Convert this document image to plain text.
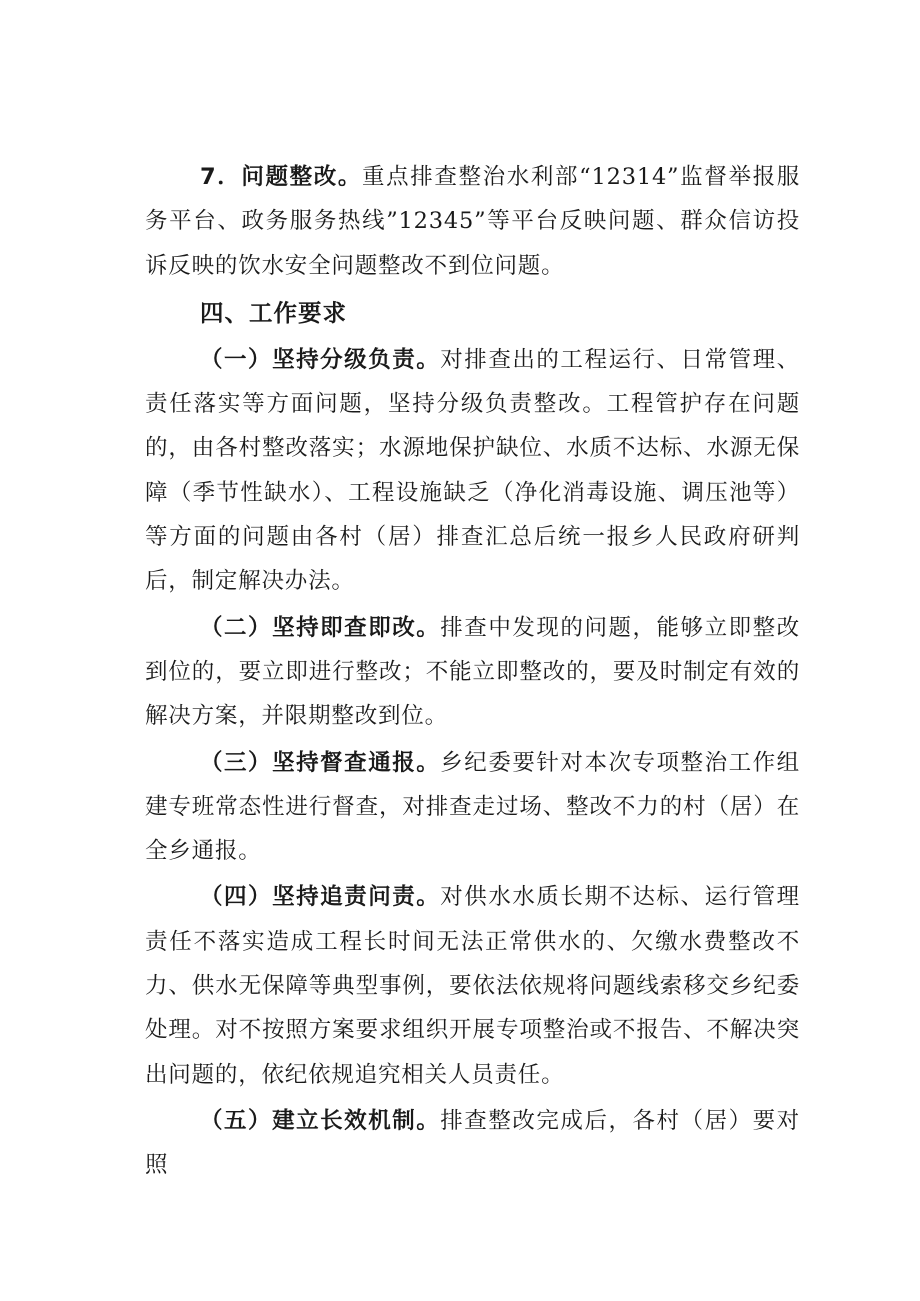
7．问题整改。重点排查整治水利部“12314”监督举报服务平台、政务服务热线”12345”等平台反映问题、群众信访投诉反映的饮水安全问题整改不到位问题。

四、工作要求

（一）坚持分级负责。对排查出的工程运行、日常管理、责任落实等方面问题，坚持分级负责整改。工程管护存在问题的，由各村整改落实；水源地保护缺位、水质不达标、水源无保障（季节性缺水）、工程设施缺乏（净化消毒设施、调压池等）等方面的问题由各村（居）排查汇总后统一报乡人民政府研判后，制定解决办法。

（二）坚持即查即改。排查中发现的问题，能够立即整改到位的，要立即进行整改；不能立即整改的，要及时制定有效的解决方案，并限期整改到位。

（三）坚持督查通报。乡纪委要针对本次专项整治工作组建专班常态性进行督查，对排查走过场、整改不力的村（居）在全乡通报。

（四）坚持追责问责。对供水水质长期不达标、运行管理责任不落实造成工程长时间无法正常供水的、欠缴水费整改不力、供水无保障等典型事例，要依法依规将问题线索移交乡纪委处理。对不按照方案要求组织开展专项整治或不报告、不解决突出问题的，依纪依规追究相关人员责任。

（五）建立长效机制。排查整改完成后，各村（居）要对照
